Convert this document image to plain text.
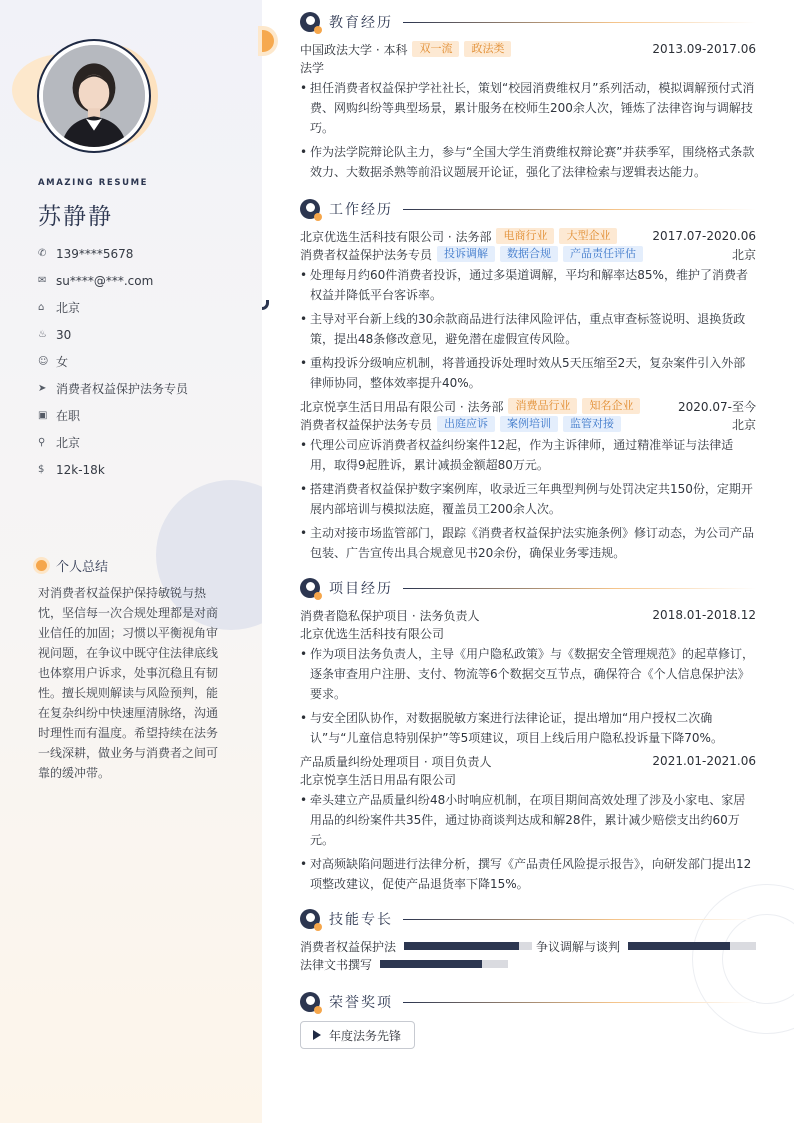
AMAZING RESUME
苏静静
✆ 139****5678
✉ su****@***.com
⌂ 北京
♨ 30
☺ 女
➤ 消费者权益保护法务专员
▣ 在职
⚲ 北京
$ 12k-18k
个人总结
对消费者权益保护保持敏锐与热忱，坚信每一次合规处理都是对商业信任的加固；习惯以平衡视角审视问题，在争议中既守住法律底线也体察用户诉求，处事沉稳且有韧性。擅长规则解读与风险预判，能在复杂纠纷中快速厘清脉络，沟通时理性而有温度。希望持续在法务一线深耕，做业务与消费者之间可靠的缓冲带。
教育经历
中国政法大学 · 本科	双一流	政法类	2013.09-2017.06
法学
• 担任消费者权益保护学社社长，策划“校园消费维权月”系列活动，模拟调解预付式消费、网购纠纷等典型场景，累计服务在校师生200余人次，锤炼了法律咨询与调解技巧。
• 作为法学院辩论队主力，参与“全国大学生消费维权辩论赛”并获季军，围绕格式条款效力、大数据杀熟等前沿议题展开论证，强化了法律检索与逻辑表达能力。
工作经历
北京优选生活科技有限公司 · 法务部	电商行业	大型企业	2017.07-2020.06
消费者权益保护法务专员	投诉调解	数据合规	产品责任评估	北京
• 处理每月约60件消费者投诉，通过多渠道调解，平均和解率达85%，维护了消费者权益并降低平台客诉率。
• 主导对平台新上线的30余款商品进行法律风险评估，重点审查标签说明、退换货政策，提出48条修改意见，避免潜在虚假宣传风险。
• 重构投诉分级响应机制，将普通投诉处理时效从5天压缩至2天，复杂案件引入外部律师协同，整体效率提升40%。
北京悦享生活日用品有限公司 · 法务部	消费品行业	知名企业	2020.07-至今
消费者权益保护法务专员	出庭应诉	案例培训	监管对接	北京
• 代理公司应诉消费者权益纠纷案件12起，作为主诉律师，通过精准举证与法律适用，取得9起胜诉，累计减损金额超80万元。
• 搭建消费者权益保护数字案例库，收录近三年典型判例与处罚决定共150份，定期开展内部培训与模拟法庭，覆盖员工200余人次。
• 主动对接市场监管部门，跟踪《消费者权益保护法实施条例》修订动态，为公司产品包装、广告宣传出具合规意见书20余份，确保业务零违规。
项目经历
消费者隐私保护项目 · 法务负责人	2018.01-2018.12
北京优选生活科技有限公司
• 作为项目法务负责人，主导《用户隐私政策》与《数据安全管理规范》的起草修订，逐条审查用户注册、支付、物流等6个数据交互节点，确保符合《个人信息保护法》要求。
• 与安全团队协作，对数据脱敏方案进行法律论证，提出增加“用户授权二次确认”与“儿童信息特别保护”等5项建议，项目上线后用户隐私投诉量下降70%。
产品质量纠纷处理项目 · 项目负责人	2021.01-2021.06
北京悦享生活日用品有限公司
• 牵头建立产品质量纠纷48小时响应机制，在项目期间高效处理了涉及小家电、家居用品的纠纷案件共35件，通过协商谈判达成和解28件，累计减少赔偿支出约60万元。
• 对高频缺陷问题进行法律分析，撰写《产品责任风险提示报告》，向研发部门提出12项整改建议，促使产品退货率下降15%。
技能专长
消费者权益保护法	争议调解与谈判
法律文书撰写
荣誉奖项
年度法务先锋
